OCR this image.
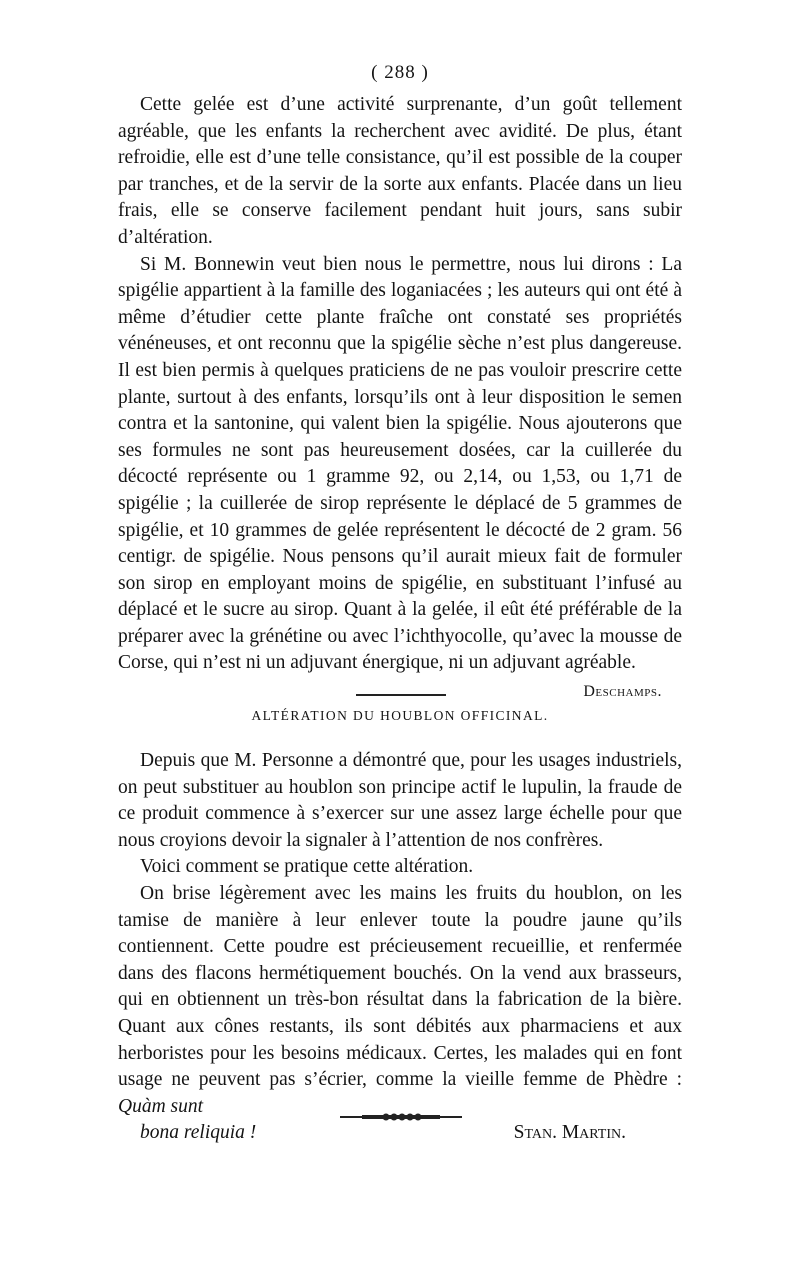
( 288 )

Cette gelée est d’une activité surprenante, d’un goût tellement agréable, que les enfants la recherchent avec avidité. De plus, étant refroidie, elle est d’une telle consistance, qu’il est possible de la couper par tranches, et de la servir de la sorte aux enfants. Placée dans un lieu frais, elle se conserve facilement pendant huit jours, sans subir d’altération.

Si M. Bonnewin veut bien nous le permettre, nous lui dirons : La spigélie appartient à la famille des loganiacées ; les auteurs qui ont été à même d’étudier cette plante fraîche ont constaté ses propriétés vénéneuses, et ont reconnu que la spigélie sèche n’est plus dangereuse. Il est bien permis à quelques praticiens de ne pas vouloir prescrire cette plante, surtout à des enfants, lorsqu’ils ont à leur disposition le semen contra et la santonine, qui valent bien la spigélie. Nous ajouterons que ses formules ne sont pas heureusement dosées, car la cuillerée du décocté représente ou 1 gramme 92, ou 2,14, ou 1,53, ou 1,71 de spigélie ; la cuillerée de sirop représente le déplacé de 5 grammes de spigélie, et 10 grammes de gelée représentent le décocté de 2 gram. 56 centigr. de spigélie. Nous pensons qu’il aurait mieux fait de formuler son sirop en employant moins de spigélie, en substituant l’infusé au déplacé et le sucre au sirop. Quant à la gelée, il eût été préférable de la préparer avec la grénétine ou avec l’ichthyocolle, qu’avec la mousse de Corse, qui n’est ni un adjuvant énergique, ni un adjuvant agréable.

Deschamps.
ALTÉRATION DU HOUBLON OFFICINAL.

Depuis que M. Personne a démontré que, pour les usages industriels, on peut substituer au houblon son principe actif le lupulin, la fraude de ce produit commence à s’exercer sur une assez large échelle pour que nous croyions devoir la signaler à l’attention de nos confrères.

Voici comment se pratique cette altération.

On brise légèrement avec les mains les fruits du houblon, on les tamise de manière à leur enlever toute la poudre jaune qu’ils contiennent. Cette poudre est précieusement recueillie, et renfermée dans des flacons hermétiquement bouchés. On la vend aux brasseurs, qui en obtiennent un très-bon résultat dans la fabrication de la bière. Quant aux cônes restants, ils sont débités aux pharmaciens et aux herboristes pour les besoins médicaux. Certes, les malades qui en font usage ne peuvent pas s’écrier, comme la vieille femme de Phèdre : Quàm sunt

bona reliquia !	Stan. Martin.
